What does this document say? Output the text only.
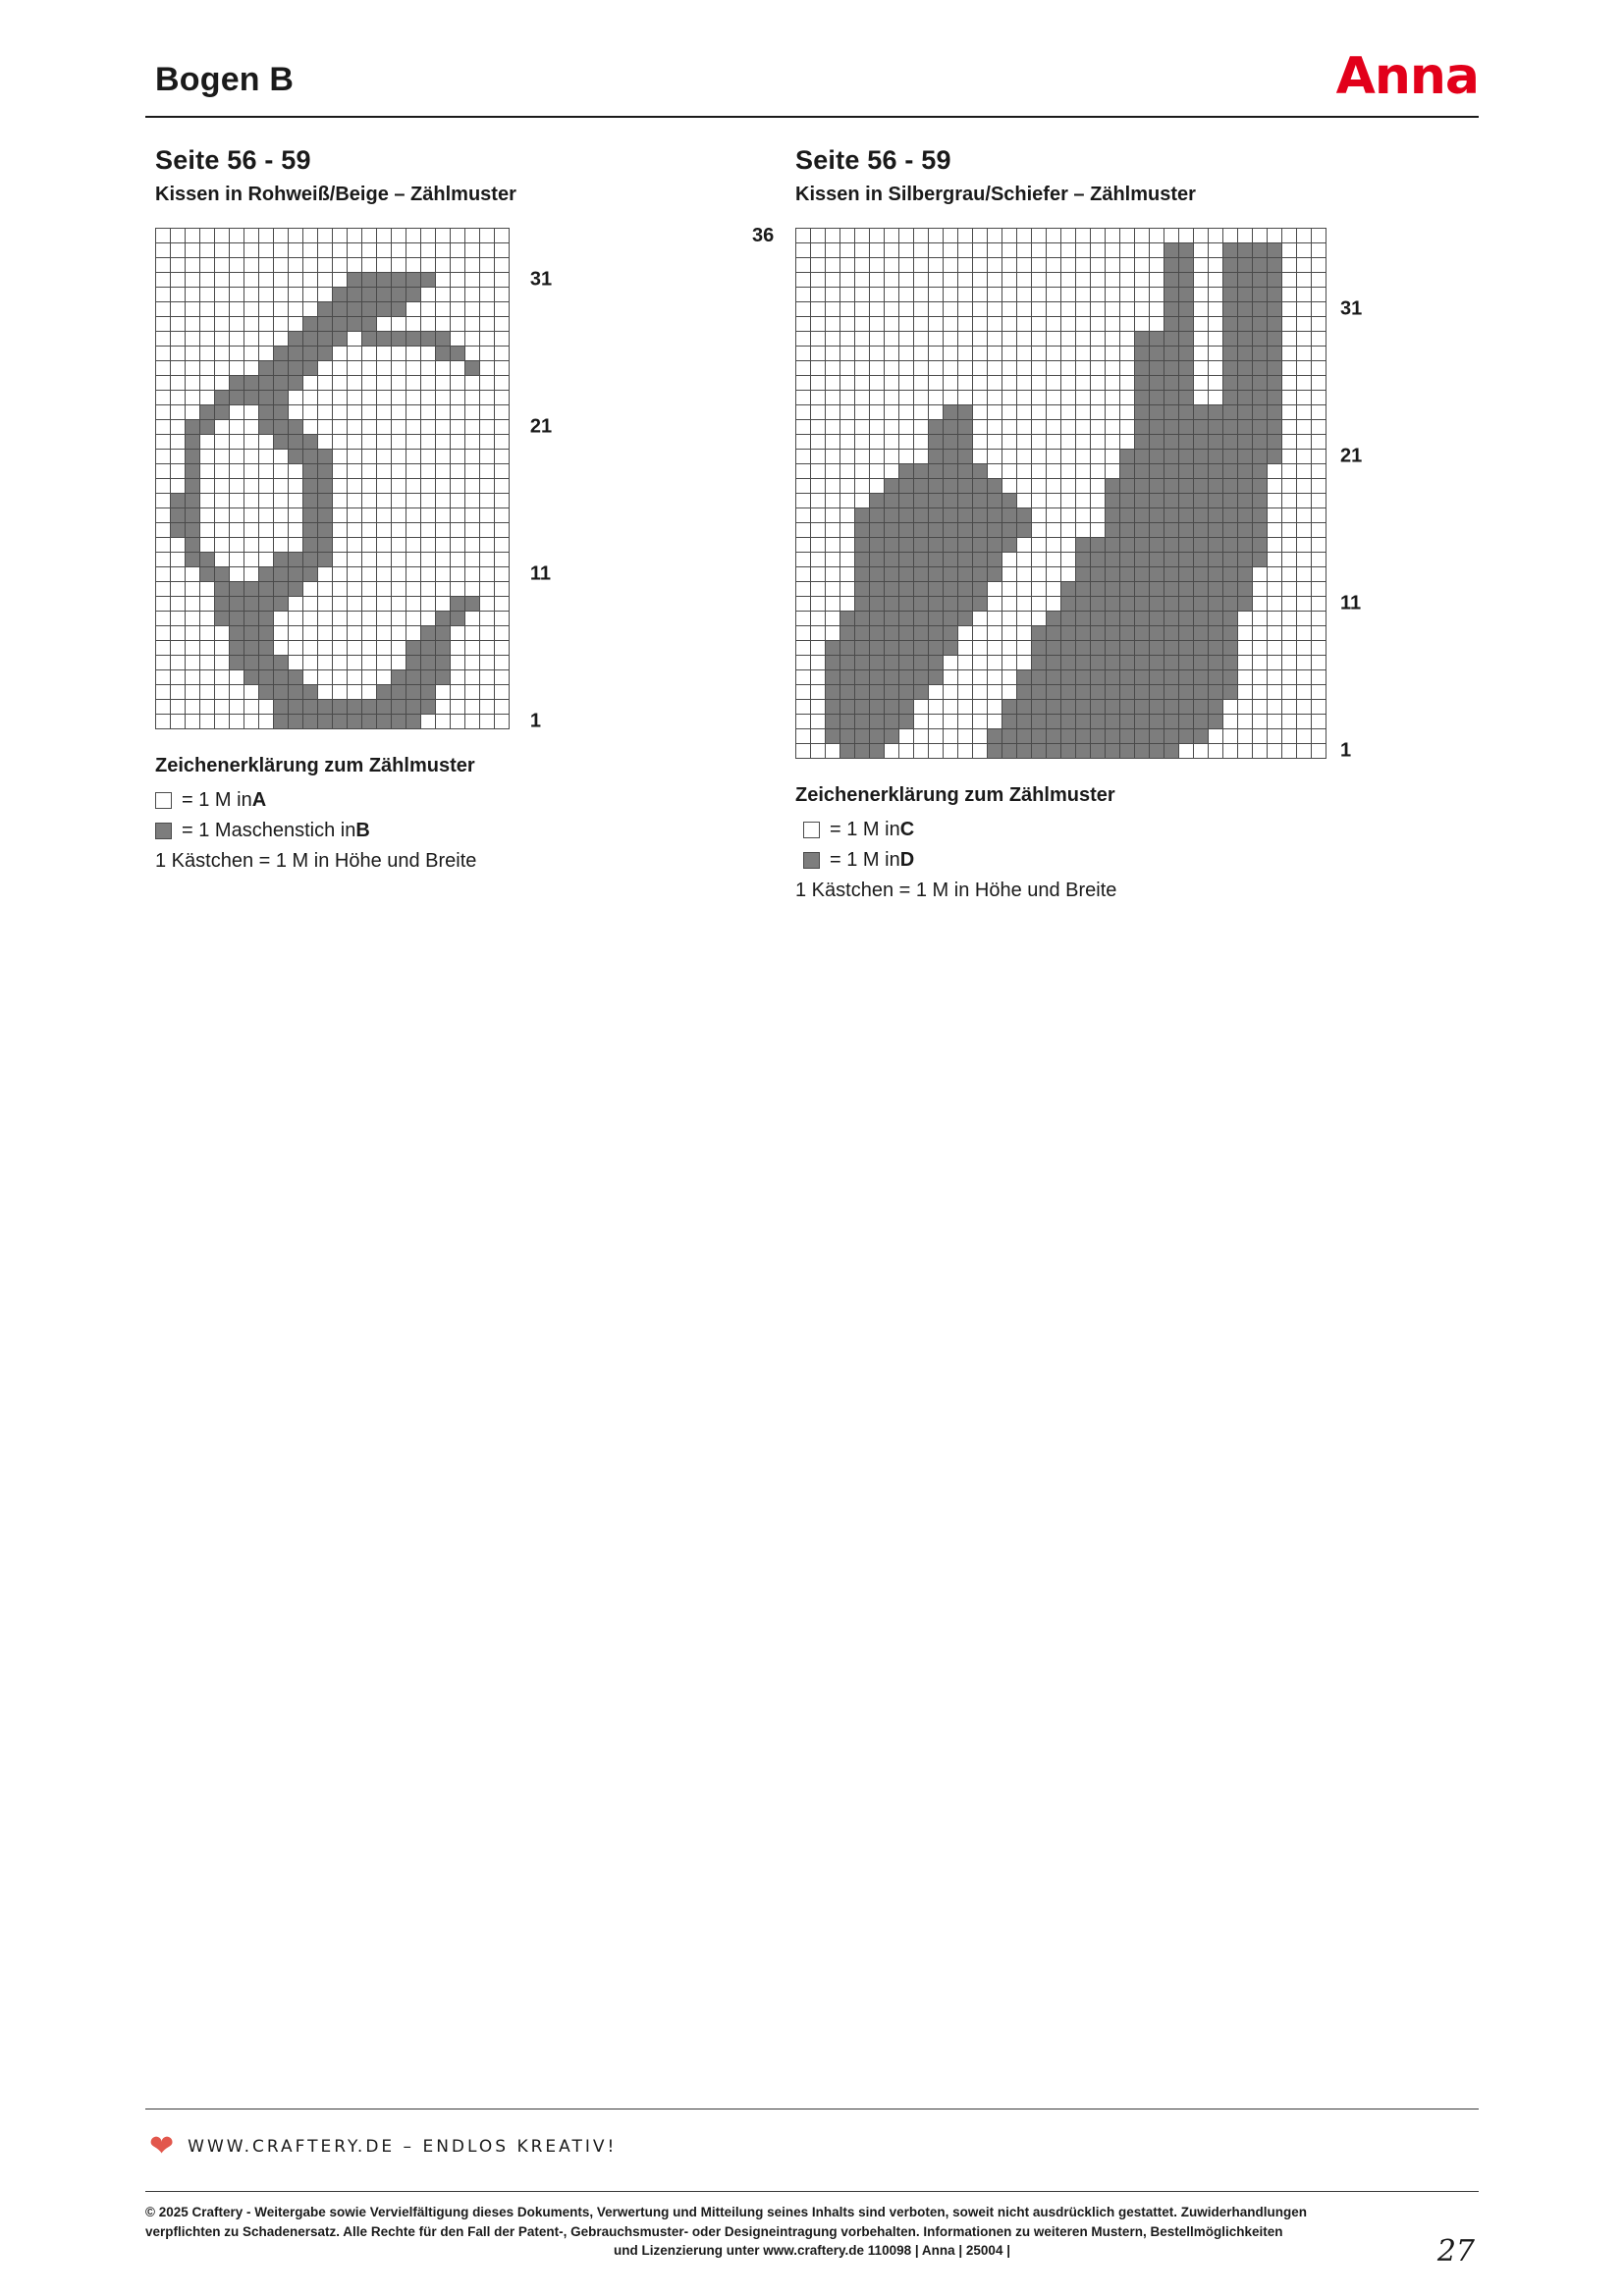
Bogen B	Anna
Seite 56 - 59
Kissen in Rohweiß/Beige – Zählmuster
1
11
21
31
Zeichenerklärung zum Zählmuster
= 1 M in A
= 1 Maschenstich in B
1 Kästchen = 1 M in Höhe und Breite
Seite 56 - 59
Kissen in Silbergrau/Schiefer – Zählmuster
36
1
11
21
31
Zeichenerklärung zum Zählmuster
= 1 M in C
= 1 M in D
1 Kästchen = 1 M in Höhe und Breite
❤ WWW.CRAFTERY.DE – ENDLOS KREATIV!
© 2025 Craftery - Weitergabe sowie Vervielfältigung dieses Dokuments, Verwertung und Mitteilung seines Inhalts sind verboten, soweit nicht ausdrücklich gestattet. Zuwiderhandlungen
verpflichten zu Schadenersatz. Alle Rechte für den Fall der Patent-, Gebrauchsmuster- oder Designeintragung vorbehalten. Informationen zu weiteren Mustern, Bestellmöglichkeiten
und Lizenzierung unter www.craftery.de 110098 | Anna | 25004 |	27
